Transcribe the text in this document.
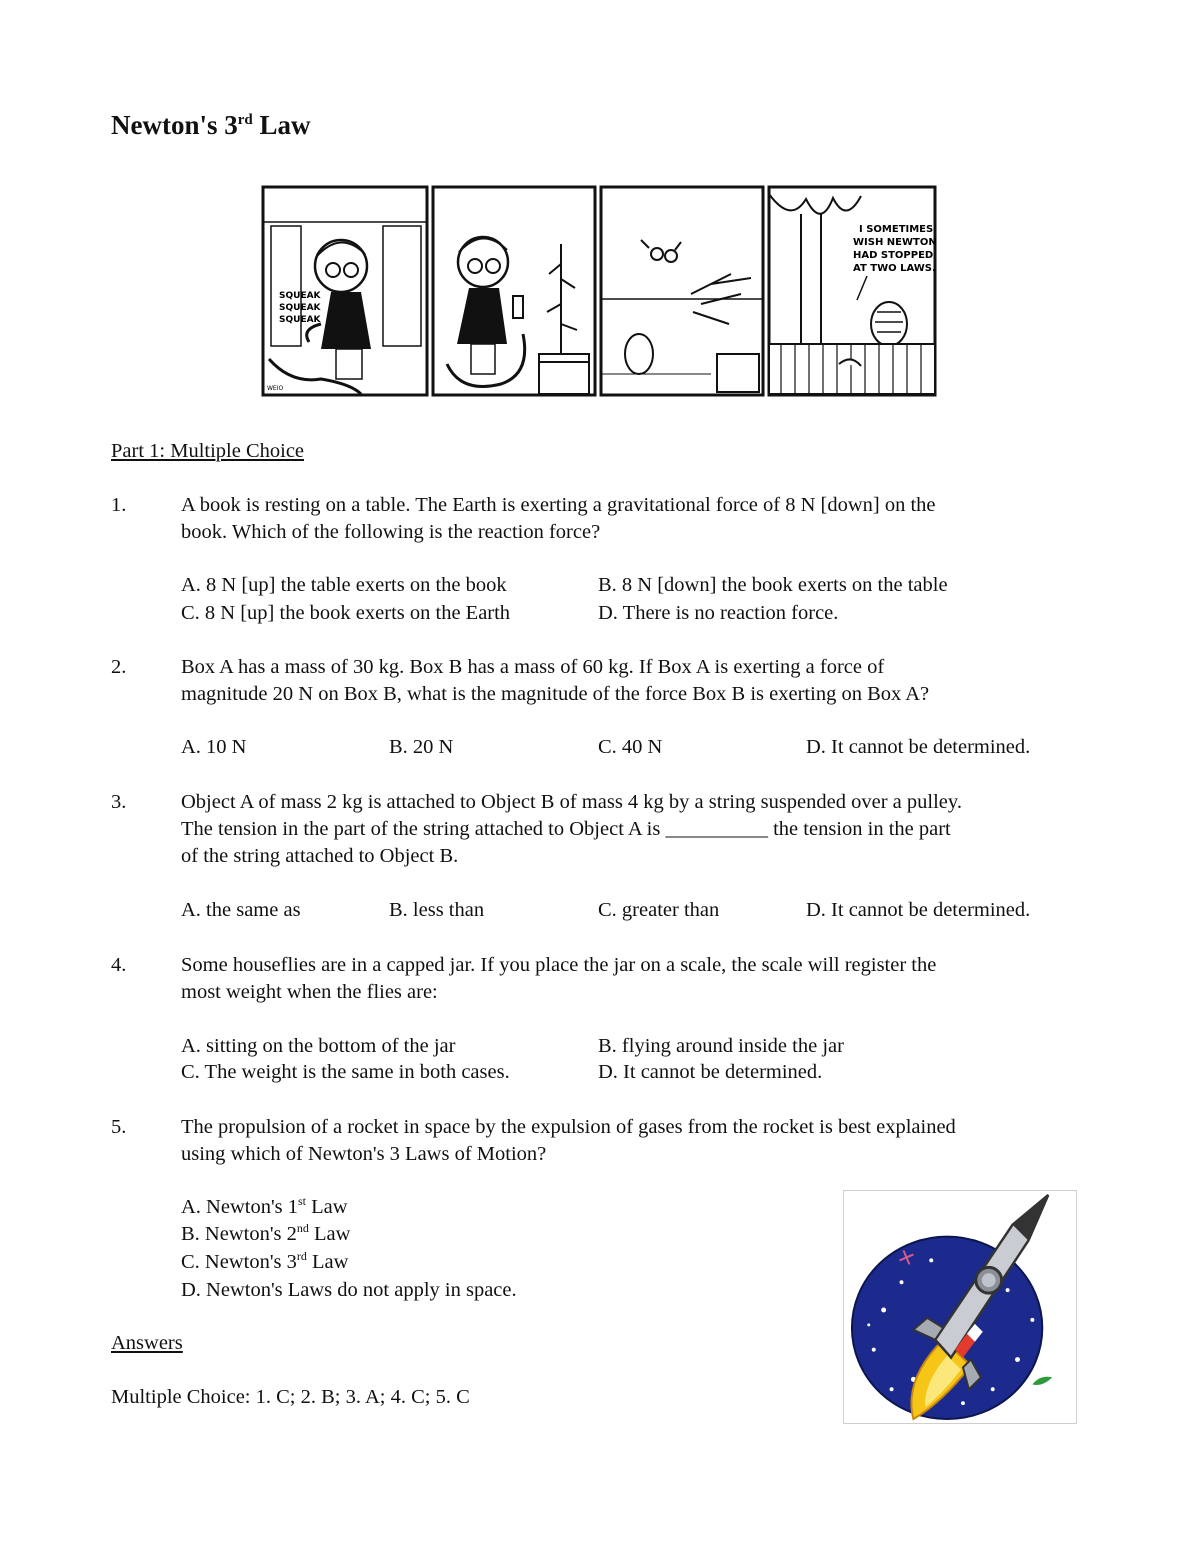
Newton's 3rd Law
SQUEAK
SQUEAK
SQUEAK
WEIO
I SOMETIMES
WISH NEWTON
HAD STOPPED
AT TWO LAWS.
Part 1: Multiple Choice
1.	A book is resting on a table. The Earth is exerting a gravitational force of 8 N [down] on the
book. Which of the following is the reaction force?
A. 8 N [up] the table exerts on the book	B. 8 N [down] the book exerts on the table
C. 8 N [up] the book exerts on the Earth	D. There is no reaction force.
2.	Box A has a mass of 30 kg. Box B has a mass of 60 kg. If Box A is exerting a force of
magnitude 20 N on Box B, what is the magnitude of the force Box B is exerting on Box A?
A. 10 N	B. 20 N	C. 40 N	D. It cannot be determined.
3.	Object A of mass 2 kg is attached to Object B of mass 4 kg by a string suspended over a pulley.
The tension in the part of the string attached to Object A is __________ the tension in the part
of the string attached to Object B.
A. the same as	B. less than	C. greater than	D. It cannot be determined.
4.	Some houseflies are in a capped jar. If you place the jar on a scale, the scale will register the
most weight when the flies are:
A. sitting on the bottom of the jar	B. flying around inside the jar
C. The weight is the same in both cases.	D. It cannot be determined.
5.	The propulsion of a rocket in space by the expulsion of gases from the rocket is best explained
using which of Newton's 3 Laws of Motion?
A. Newton's 1st Law
B. Newton's 2nd Law
C. Newton's 3rd Law
D. Newton's Laws do not apply in space.
Answers
Multiple Choice: 1. C; 2. B; 3. A; 4. C; 5. C
